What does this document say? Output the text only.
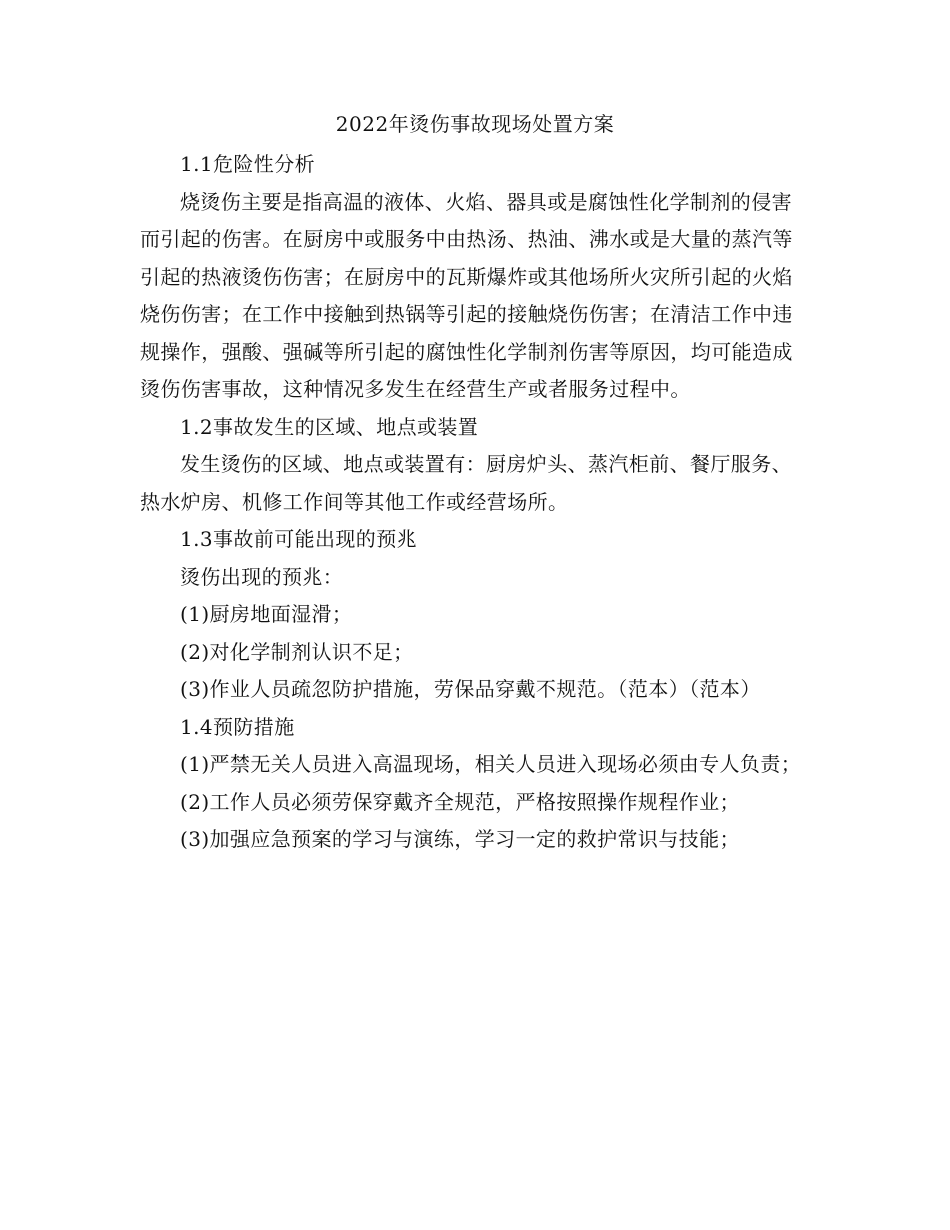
2022年烫伤事故现场处置方案

1.1危险性分析

烧烫伤主要是指高温的液体、火焰、器具或是腐蚀性化学制剂的侵害而引起的伤害。在厨房中或服务中由热汤、热油、沸水或是大量的蒸汽等引起的热液烫伤伤害；在厨房中的瓦斯爆炸或其他场所火灾所引起的火焰烧伤伤害；在工作中接触到热锅等引起的接触烧伤伤害；在清洁工作中违规操作，强酸、强碱等所引起的腐蚀性化学制剂伤害等原因，均可能造成烫伤伤害事故，这种情况多发生在经营生产或者服务过程中。

1.2事故发生的区域、地点或装置

发生烫伤的区域、地点或装置有：厨房炉头、蒸汽柜前、餐厅服务、热水炉房、机修工作间等其他工作或经营场所。

1.3事故前可能出现的预兆

烫伤出现的预兆：

(1)厨房地面湿滑；

(2)对化学制剂认识不足；

(3)作业人员疏忽防护措施，劳保品穿戴不规范。（范本）（范本）

1.4预防措施

(1)严禁无关人员进入高温现场，相关人员进入现场必须由专人负责；

(2)工作人员必须劳保穿戴齐全规范，严格按照操作规程作业；

(3)加强应急预案的学习与演练，学习一定的救护常识与技能；
